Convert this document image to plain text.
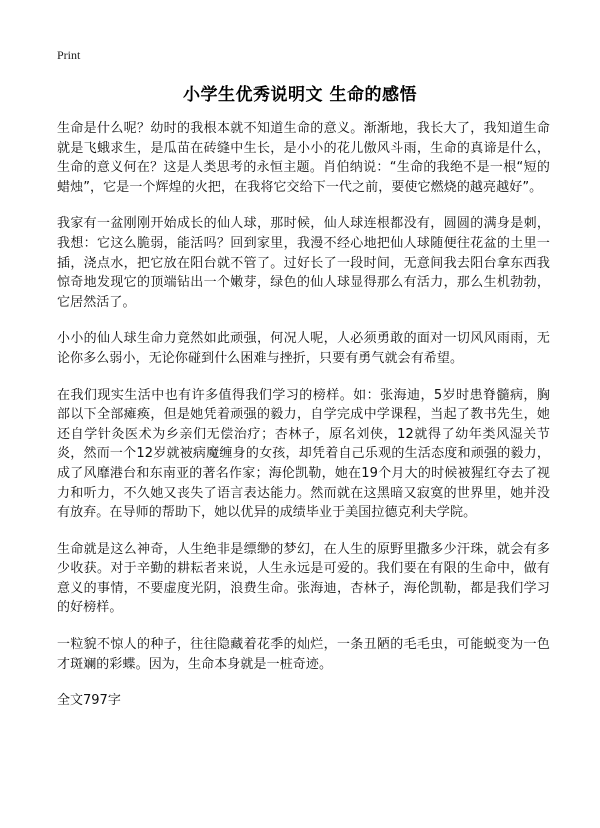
Print
小学生优秀说明文 生命的感悟

生命是什么呢？幼时的我根本就不知道生命的意义。渐渐地，我长大了，我知道生命就是飞蛾求生，是瓜苗在砖缝中生长，是小小的花儿傲风斗雨，生命的真谛是什么，生命的意义何在？这是人类思考的永恒主题。肖伯纳说：“生命的我绝不是一根“短的蜡烛”，它是一个辉煌的火把，在我将它交给下一代之前，要使它燃烧的越亮越好”。

我家有一盆刚刚开始成长的仙人球，那时候，仙人球连根都没有，圆圆的满身是刺，我想：它这么脆弱，能活吗？回到家里，我漫不经心地把仙人球随便往花盆的土里一插，浇点水，把它放在阳台就不管了。过好长了一段时间，无意间我去阳台拿东西我惊奇地发现它的顶端钻出一个嫩芽，绿色的仙人球显得那么有活力，那么生机勃勃，它居然活了。

小小的仙人球生命力竟然如此顽强，何况人呢，人必须勇敢的面对一切风风雨雨，无论你多么弱小，无论你碰到什么困难与挫折，只要有勇气就会有希望。

在我们现实生活中也有许多值得我们学习的榜样。如：张海迪，5岁时患脊髓病，胸部以下全部瘫痪，但是她凭着顽强的毅力，自学完成中学课程，当起了教书先生，她还自学针灸医术为乡亲们无偿治疗；杏林子，原名刘侠，12就得了幼年类风湿关节炎，然而一个12岁就被病魔缠身的女孩，却凭着自己乐观的生活态度和顽强的毅力，成了风靡港台和东南亚的著名作家；海伦凯勒，她在19个月大的时候被猩红夺去了视力和听力，不久她又丧失了语言表达能力。然而就在这黑暗又寂寞的世界里，她并没有放弃。在导师的帮助下，她以优异的成绩毕业于美国拉德克利夫学院。

生命就是这么神奇，人生绝非是缥缈的梦幻，在人生的原野里撒多少汗珠，就会有多少收获。对于辛勤的耕耘者来说，人生永远是可爱的。我们要在有限的生命中，做有意义的事情，不要虚度光阴，浪费生命。张海迪，杏林子，海伦凯勒，都是我们学习的好榜样。

一粒貌不惊人的种子，往往隐藏着花季的灿烂，一条丑陋的毛毛虫，可能蜕变为一色才斑斓的彩蝶。因为，生命本身就是一桩奇迹。

全文797字
